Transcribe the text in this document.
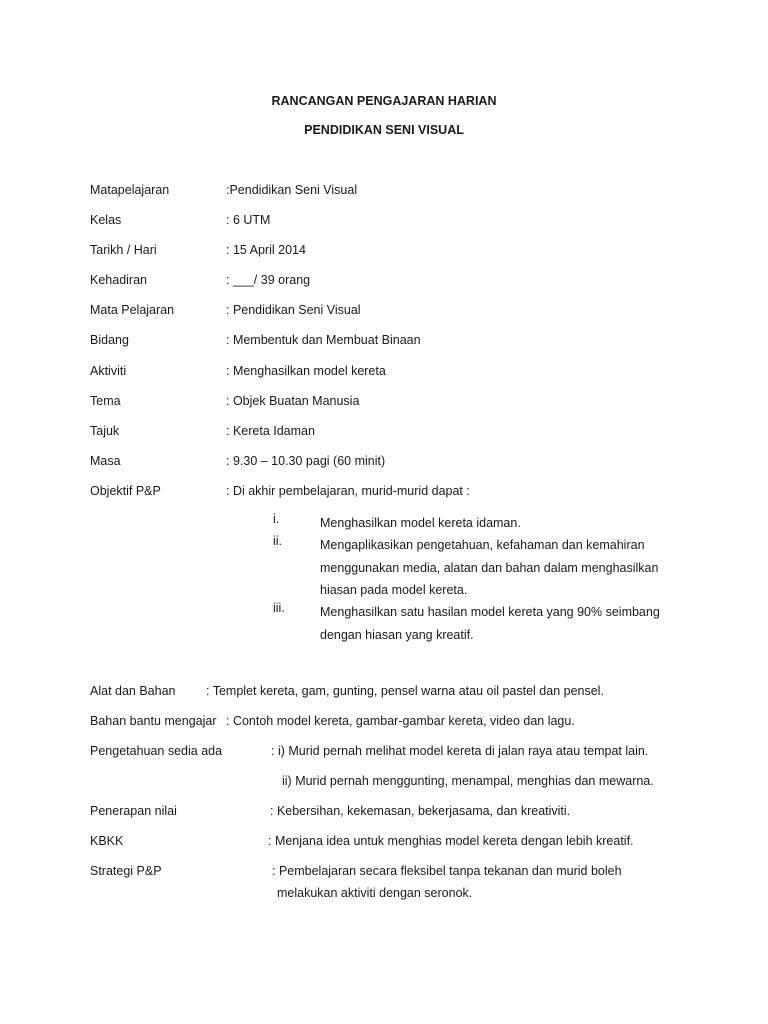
RANCANGAN PENGAJARAN HARIAN
PENDIDIKAN SENI VISUAL
Matapelajaran	:Pendidikan Seni Visual
Kelas	: 6 UTM
Tarikh / Hari	: 15 April 2014
Kehadiran	: ___/ 39 orang
Mata Pelajaran	: Pendidikan Seni Visual
Bidang	: Membentuk dan Membuat Binaan
Aktiviti	: Menghasilkan model kereta
Tema	: Objek Buatan Manusia
Tajuk	: Kereta Idaman
Masa	: 9.30 – 10.30 pagi (60 minit)
Objektif P&P	: Di akhir pembelajaran, murid-murid dapat :
i.	Menghasilkan model kereta idaman.
ii.	Mengaplikasikan pengetahuan, kefahaman dan kemahiran
menggunakan media, alatan dan bahan dalam menghasilkan
hiasan pada model kereta.
iii.	Menghasilkan satu hasilan model kereta yang 90% seimbang
dengan hiasan yang kreatif.
Alat dan Bahan : Templet kereta, gam, gunting, pensel warna atau oil pastel dan pensel.
Bahan bantu mengajar : Contoh model kereta, gambar-gambar kereta, video dan lagu.
Pengetahuan sedia ada	: i) Murid pernah melihat model kereta di jalan raya atau tempat lain.
ii) Murid pernah menggunting, menampal, menghias dan mewarna.
Penerapan nilai	: Kebersihan, kekemasan, bekerjasama, dan kreativiti.
KBKK	: Menjana idea untuk menghias model kereta dengan lebih kreatif.
Strategi P&P	: Pembelajaran secara fleksibel tanpa tekanan dan murid boleh
melakukan aktiviti dengan seronok.
